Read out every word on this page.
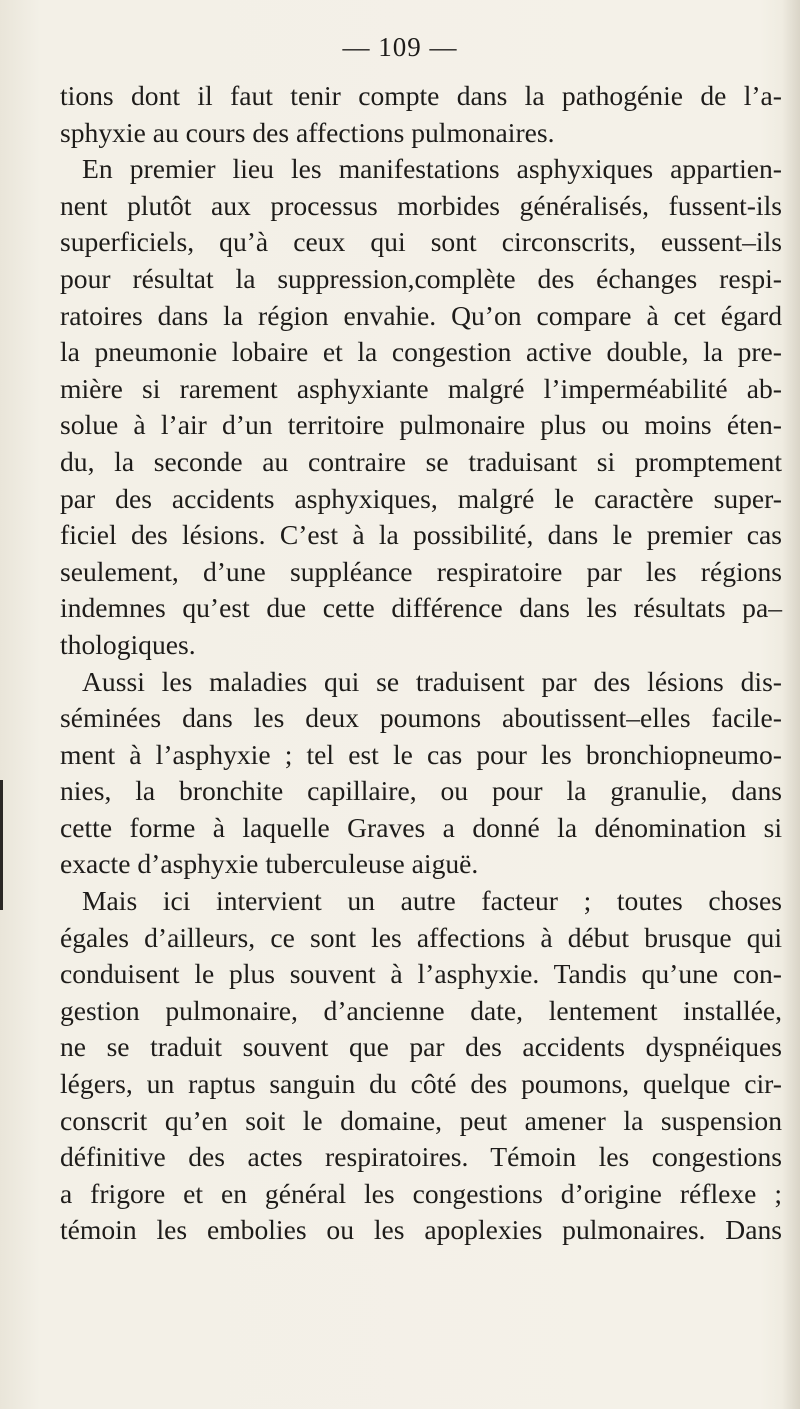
— 109 —
tions dont il faut tenir compte dans la pathogénie de l’a-
sphyxie au cours des affections pulmonaires.
En premier lieu les manifestations asphyxiques appartien-
nent plutôt aux processus morbides généralisés, fussent-ils
superficiels, qu’à ceux qui sont circonscrits, eussent–ils
pour résultat la suppression,complète des échanges respi-
ratoires dans la région envahie. Qu’on compare à cet égard
la pneumonie lobaire et la congestion active double, la pre-
mière si rarement asphyxiante malgré l’imperméabilité ab-
solue à l’air d’un territoire pulmonaire plus ou moins éten-
du, la seconde au contraire se traduisant si promptement
par des accidents asphyxiques, malgré le caractère super-
ficiel des lésions. C’est à la possibilité, dans le premier cas
seulement, d’une suppléance respiratoire par les régions
indemnes qu’est due cette différence dans les résultats pa–
thologiques.
Aussi les maladies qui se traduisent par des lésions dis-
séminées dans les deux poumons aboutissent–elles facile-
ment à l’asphyxie ; tel est le cas pour les bronchiopneumo-
nies, la bronchite capillaire, ou pour la granulie, dans
cette forme à laquelle Graves a donné la dénomination si
exacte d’asphyxie tuberculeuse aiguë.
Mais ici intervient un autre facteur ; toutes choses
égales d’ailleurs, ce sont les affections à début brusque qui
conduisent le plus souvent à l’asphyxie. Tandis qu’une con-
gestion pulmonaire, d’ancienne date, lentement installée,
ne se traduit souvent que par des accidents dyspnéiques
légers, un raptus sanguin du côté des poumons, quelque cir-
conscrit qu’en soit le domaine, peut amener la suspension
définitive des actes respiratoires. Témoin les congestions
a frigore et en général les congestions d’origine réflexe ;
témoin les embolies ou les apoplexies pulmonaires. Dans
